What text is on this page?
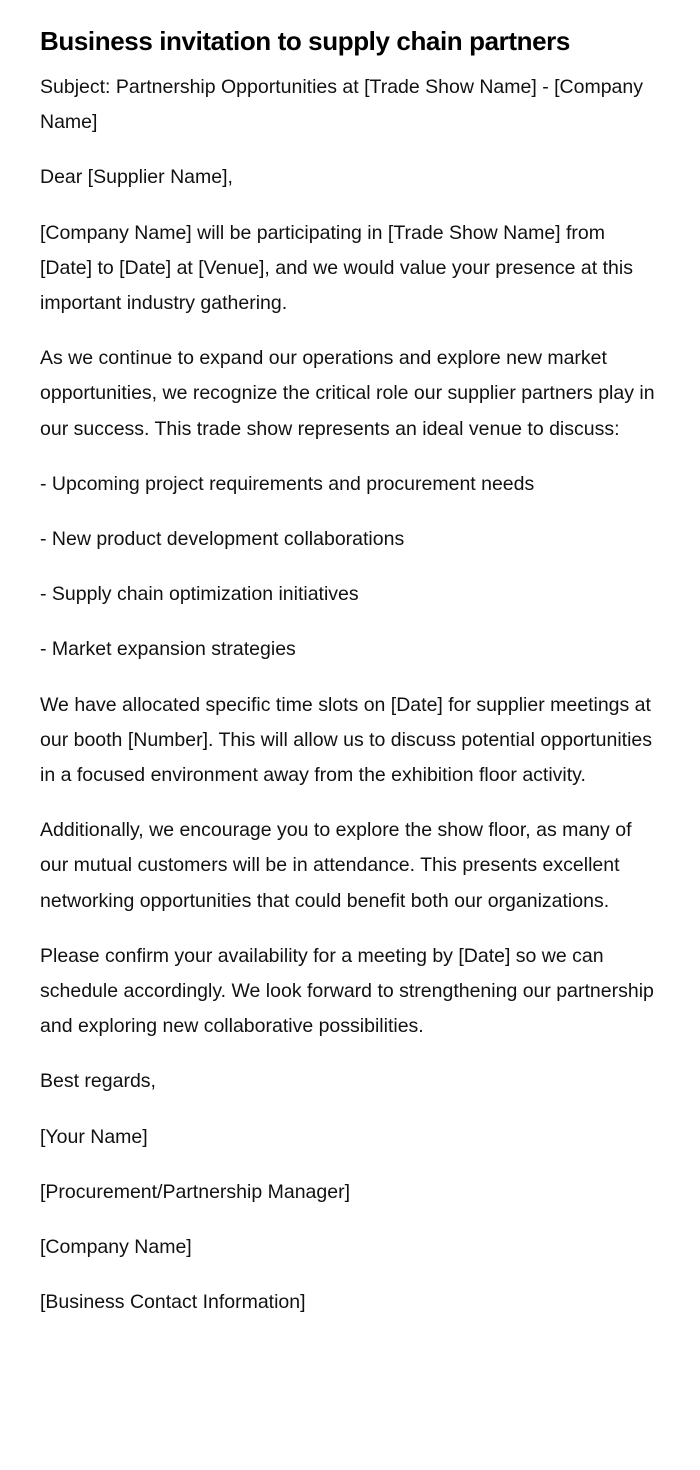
Business invitation to supply chain partners

Subject: Partnership Opportunities at [Trade Show Name] - [Company Name]

Dear [Supplier Name],

[Company Name] will be participating in [Trade Show Name] from [Date] to [Date] at [Venue], and we would value your presence at this important industry gathering.

As we continue to expand our operations and explore new market opportunities, we recognize the critical role our supplier partners play in our success. This trade show represents an ideal venue to discuss:

- Upcoming project requirements and procurement needs

- New product development collaborations

- Supply chain optimization initiatives

- Market expansion strategies

We have allocated specific time slots on [Date] for supplier meetings at our booth [Number]. This will allow us to discuss potential opportunities in a focused environment away from the exhibition floor activity.

Additionally, we encourage you to explore the show floor, as many of our mutual customers will be in attendance. This presents excellent networking opportunities that could benefit both our organizations.

Please confirm your availability for a meeting by [Date] so we can schedule accordingly. We look forward to strengthening our partnership and exploring new collaborative possibilities.

Best regards,

[Your Name]

[Procurement/Partnership Manager]

[Company Name]

[Business Contact Information]
